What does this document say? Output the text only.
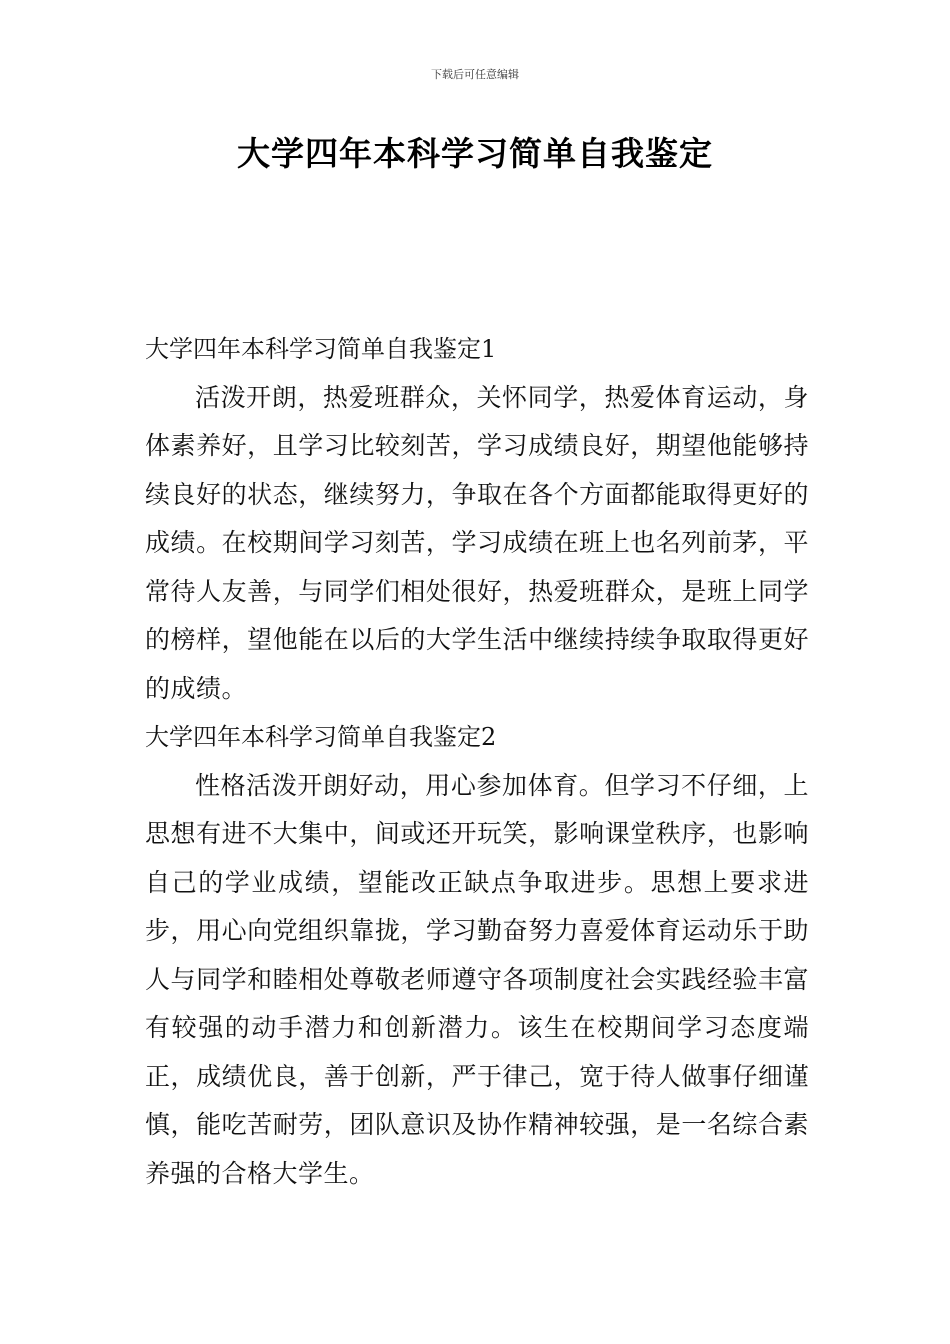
下载后可任意编辑
大学四年本科学习简单自我鉴定

大学四年本科学习简单自我鉴定1

活泼开朗，热爱班群众，关怀同学，热爱体育运动，身体素养好，且学习比较刻苦，学习成绩良好，期望他能够持续良好的状态，继续努力，争取在各个方面都能取得更好的成绩。在校期间学习刻苦，学习成绩在班上也名列前茅，平常待人友善，与同学们相处很好，热爱班群众，是班上同学的榜样，望他能在以后的大学生活中继续持续争取取得更好的成绩。

大学四年本科学习简单自我鉴定2

性格活泼开朗好动，用心参加体育。但学习不仔细，上思想有进不大集中，间或还开玩笑，影响课堂秩序，也影响自己的学业成绩，望能改正缺点争取进步。思想上要求进步，用心向党组织靠拢，学习勤奋努力喜爱体育运动乐于助人与同学和睦相处尊敬老师遵守各项制度社会实践经验丰富有较强的动手潜力和创新潜力。该生在校期间学习态度端正，成绩优良，善于创新，严于律己，宽于待人做事仔细谨慎，能吃苦耐劳，团队意识及协作精神较强，是一名综合素养强的合格大学生。
